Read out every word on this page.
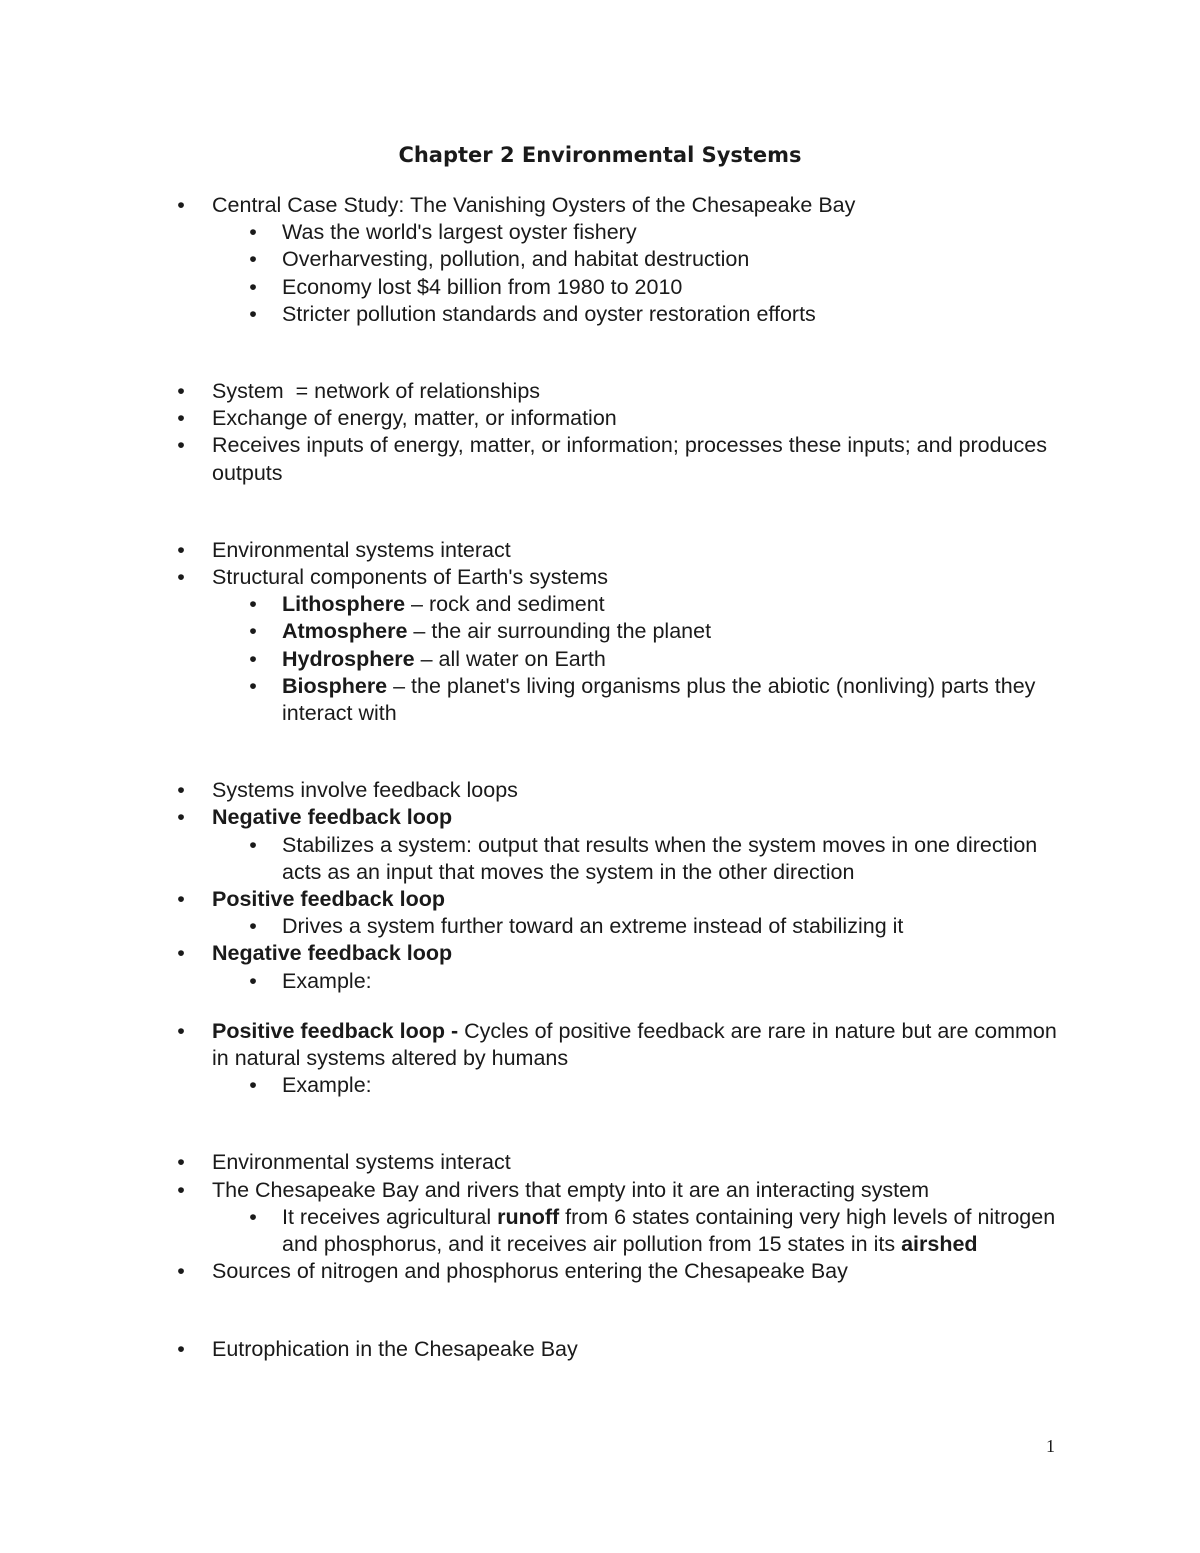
Chapter 2 Environmental Systems
• Central Case Study: The Vanishing Oysters of the Chesapeake Bay
• Was the world's largest oyster fishery
• Overharvesting, pollution, and habitat destruction
• Economy lost $4 billion from 1980 to 2010
• Stricter pollution standards and oyster restoration efforts
• System  = network of relationships
• Exchange of energy, matter, or information
• Receives inputs of energy, matter, or information; processes these inputs; and produces outputs
• Environmental systems interact
• Structural components of Earth's systems
• Lithosphere – rock and sediment
• Atmosphere – the air surrounding the planet
• Hydrosphere – all water on Earth
• Biosphere – the planet's living organisms plus the abiotic (nonliving) parts they interact with
• Systems involve feedback loops
• Negative feedback loop
• Stabilizes a system: output that results when the system moves in one direction acts as an input that moves the system in the other direction
• Positive feedback loop
• Drives a system further toward an extreme instead of stabilizing it
• Negative feedback loop
• Example:
• Positive feedback loop - Cycles of positive feedback are rare in nature but are common in natural systems altered by humans
• Example:
• Environmental systems interact
• The Chesapeake Bay and rivers that empty into it are an interacting system
• It receives agricultural runoff from 6 states containing very high levels of nitrogen and phosphorus, and it receives air pollution from 15 states in its airshed
• Sources of nitrogen and phosphorus entering the Chesapeake Bay
• Eutrophication in the Chesapeake Bay
1
